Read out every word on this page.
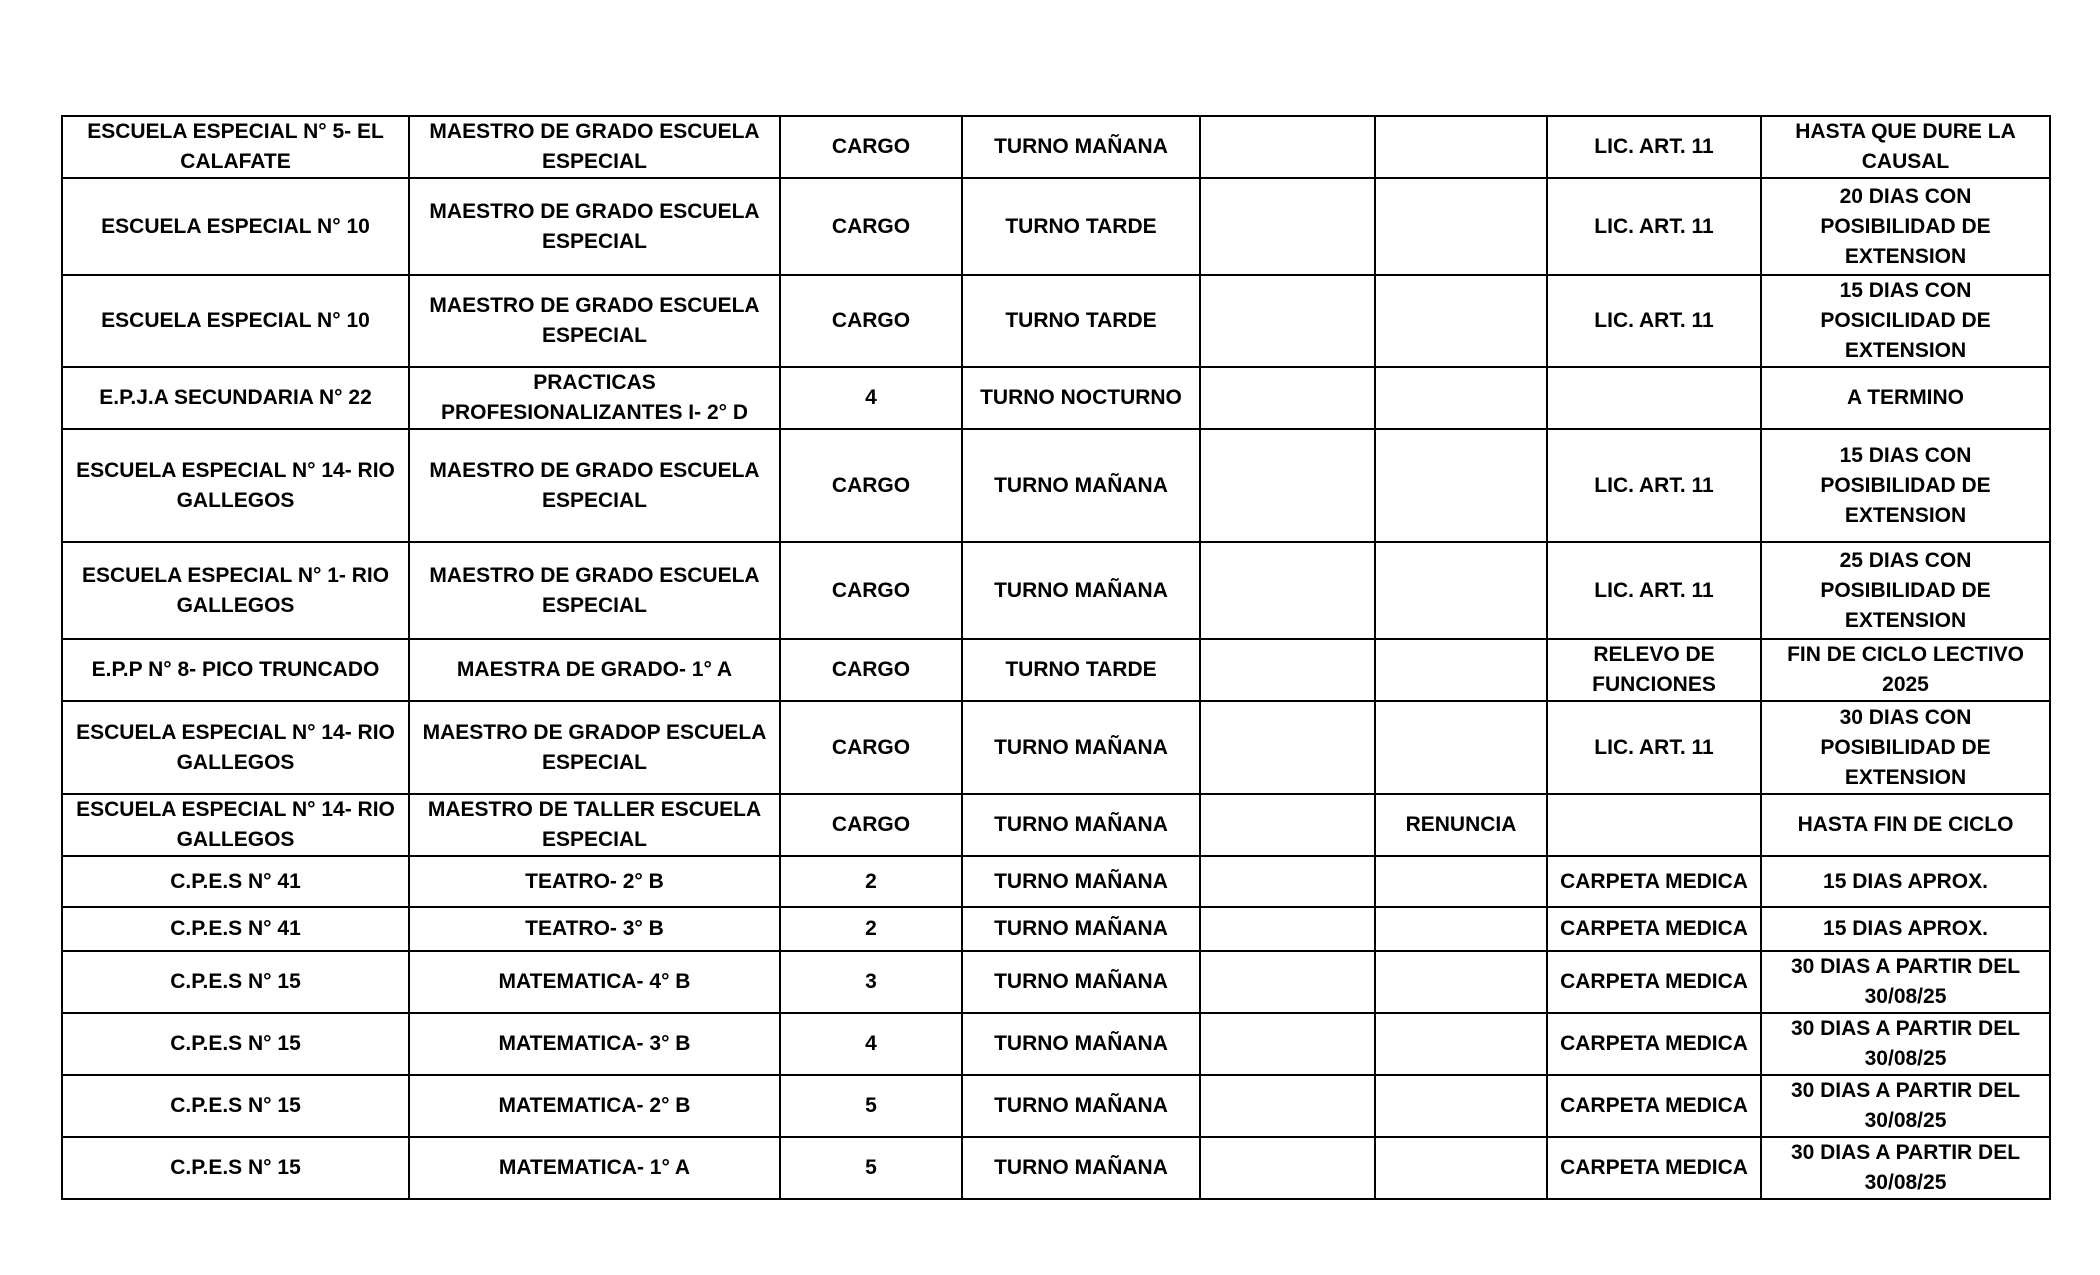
ESCUELA ESPECIAL N° 5- EL CALAFATE	MAESTRO DE GRADO ESCUELA ESPECIAL	CARGO	TURNO MAÑANA			LIC. ART. 11	HASTA QUE DURE LA CAUSAL
ESCUELA ESPECIAL N° 10	MAESTRO DE GRADO ESCUELA ESPECIAL	CARGO	TURNO TARDE			LIC. ART. 11	20 DIAS CON POSIBILIDAD DE EXTENSION
ESCUELA ESPECIAL N° 10	MAESTRO DE GRADO ESCUELA ESPECIAL	CARGO	TURNO TARDE			LIC. ART. 11	15 DIAS CON POSICILIDAD DE EXTENSION
E.P.J.A SECUNDARIA N° 22	PRACTICAS PROFESIONALIZANTES I- 2° D	4	TURNO NOCTURNO				A TERMINO
ESCUELA ESPECIAL N° 14- RIO GALLEGOS	MAESTRO DE GRADO ESCUELA ESPECIAL	CARGO	TURNO MAÑANA			LIC. ART. 11	15 DIAS CON POSIBILIDAD DE EXTENSION
ESCUELA ESPECIAL N° 1- RIO GALLEGOS	MAESTRO DE GRADO ESCUELA ESPECIAL	CARGO	TURNO MAÑANA			LIC. ART. 11	25 DIAS CON POSIBILIDAD DE EXTENSION
E.P.P N° 8- PICO TRUNCADO	MAESTRA DE GRADO- 1° A	CARGO	TURNO TARDE			RELEVO DE FUNCIONES	FIN DE CICLO LECTIVO 2025
ESCUELA ESPECIAL N° 14- RIO GALLEGOS	MAESTRO DE GRADOP ESCUELA ESPECIAL	CARGO	TURNO MAÑANA			LIC. ART. 11	30 DIAS CON POSIBILIDAD DE EXTENSION
ESCUELA ESPECIAL N° 14- RIO GALLEGOS	MAESTRO DE TALLER ESCUELA ESPECIAL	CARGO	TURNO MAÑANA		RENUNCIA		HASTA FIN DE CICLO
C.P.E.S N° 41	TEATRO- 2° B	2	TURNO MAÑANA			CARPETA MEDICA	15 DIAS APROX.
C.P.E.S N° 41	TEATRO- 3° B	2	TURNO MAÑANA			CARPETA MEDICA	15 DIAS APROX.
C.P.E.S N° 15	MATEMATICA- 4° B	3	TURNO MAÑANA			CARPETA MEDICA	30 DIAS A PARTIR DEL 30/08/25
C.P.E.S N° 15	MATEMATICA- 3° B	4	TURNO MAÑANA			CARPETA MEDICA	30 DIAS A PARTIR DEL 30/08/25
C.P.E.S N° 15	MATEMATICA- 2° B	5	TURNO MAÑANA			CARPETA MEDICA	30 DIAS A PARTIR DEL 30/08/25
C.P.E.S N° 15	MATEMATICA- 1° A	5	TURNO MAÑANA			CARPETA MEDICA	30 DIAS A PARTIR DEL 30/08/25
